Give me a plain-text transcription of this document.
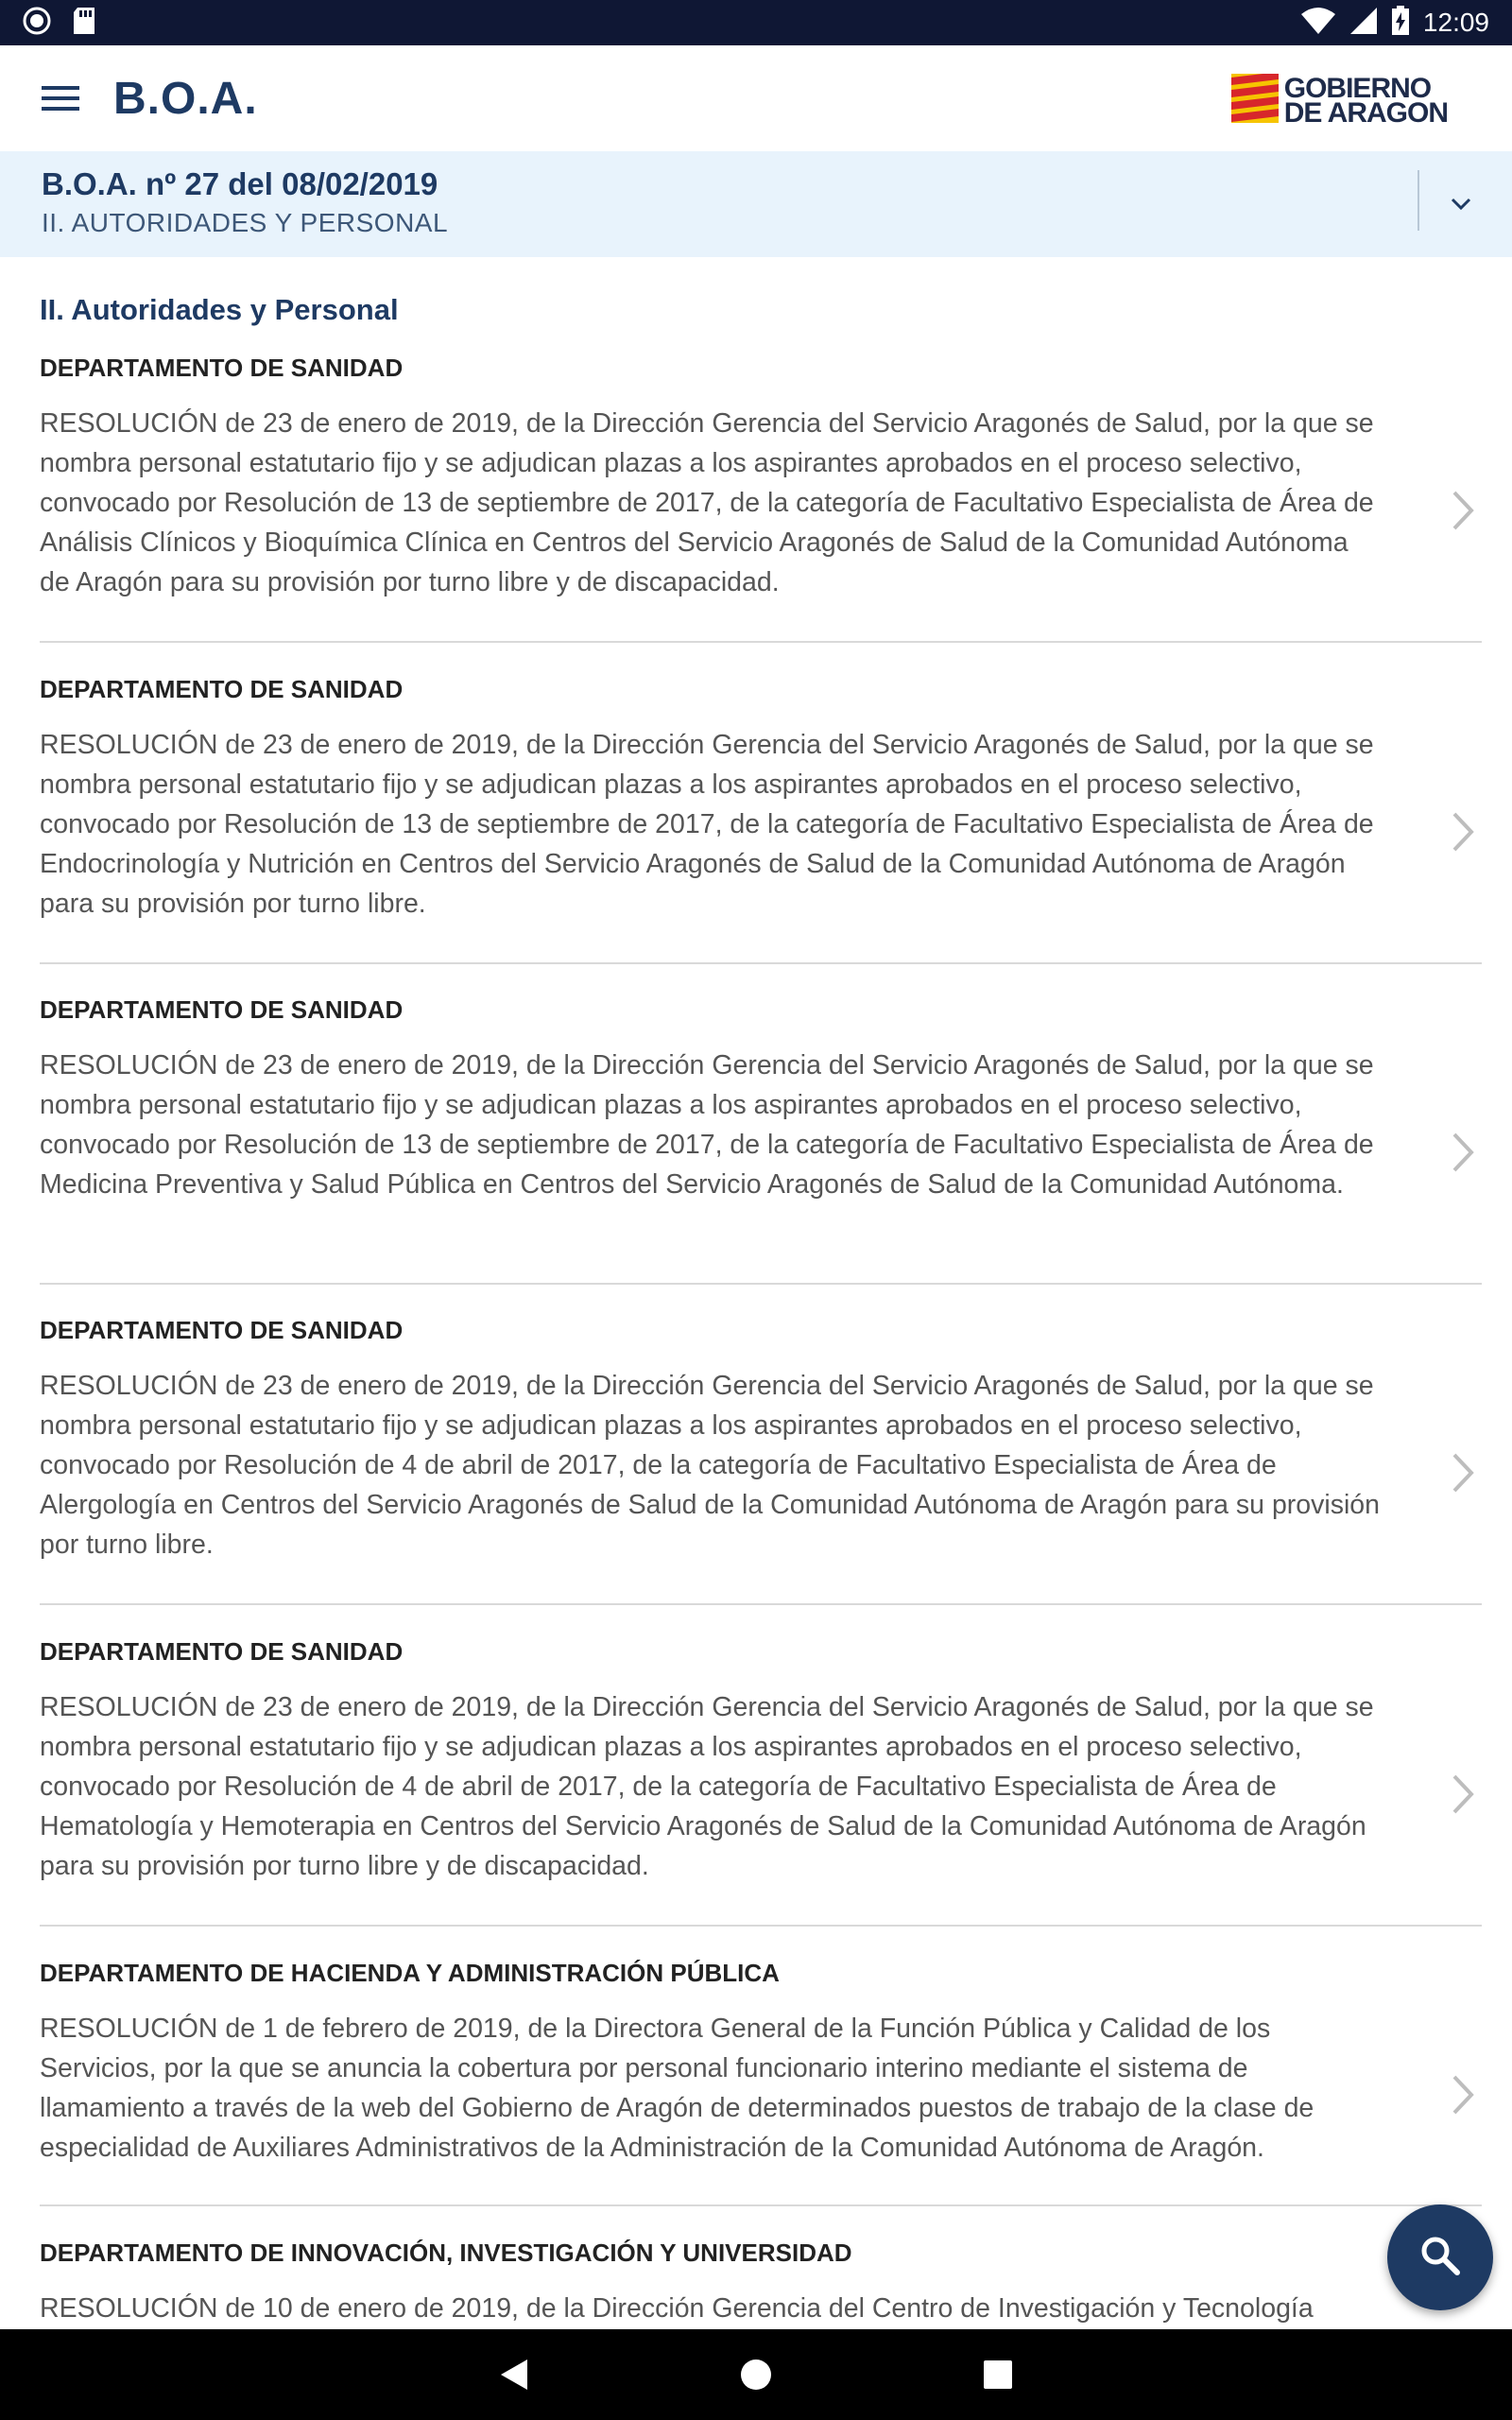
12:09
B.O.A.	GOBIERNO
DE ARAGON
B.O.A. nº 27 del 08/02/2019
II. AUTORIDADES Y PERSONAL
II. Autoridades y Personal
DEPARTAMENTO DE SANIDAD
RESOLUCIÓN de 23 de enero de 2019, de la Dirección Gerencia del Servicio Aragonés de Salud, por la que se nombra personal estatutario fijo y se adjudican plazas a los aspirantes aprobados en el proceso selectivo, convocado por Resolución de 13 de septiembre de 2017, de la categoría de Facultativo Especialista de Área de Análisis Clínicos y Bioquímica Clínica en Centros del Servicio Aragonés de Salud de la Comunidad Autónoma de Aragón para su provisión por turno libre y de discapacidad.
DEPARTAMENTO DE SANIDAD
RESOLUCIÓN de 23 de enero de 2019, de la Dirección Gerencia del Servicio Aragonés de Salud, por la que se nombra personal estatutario fijo y se adjudican plazas a los aspirantes aprobados en el proceso selectivo, convocado por Resolución de 13 de septiembre de 2017, de la categoría de Facultativo Especialista de Área de Endocrinología y Nutrición en Centros del Servicio Aragonés de Salud de la Comunidad Autónoma de Aragón para su provisión por turno libre.
DEPARTAMENTO DE SANIDAD
RESOLUCIÓN de 23 de enero de 2019, de la Dirección Gerencia del Servicio Aragonés de Salud, por la que se nombra personal estatutario fijo y se adjudican plazas a los aspirantes aprobados en el proceso selectivo, convocado por Resolución de 13 de septiembre de 2017, de la categoría de Facultativo Especialista de Área de Medicina Preventiva y Salud Pública en Centros del Servicio Aragonés de Salud de la Comunidad Autónoma.
DEPARTAMENTO DE SANIDAD
RESOLUCIÓN de 23 de enero de 2019, de la Dirección Gerencia del Servicio Aragonés de Salud, por la que se nombra personal estatutario fijo y se adjudican plazas a los aspirantes aprobados en el proceso selectivo, convocado por Resolución de 4 de abril de 2017, de la categoría de Facultativo Especialista de Área de Alergología en Centros del Servicio Aragonés de Salud de la Comunidad Autónoma de Aragón para su provisión por turno libre.
DEPARTAMENTO DE SANIDAD
RESOLUCIÓN de 23 de enero de 2019, de la Dirección Gerencia del Servicio Aragonés de Salud, por la que se nombra personal estatutario fijo y se adjudican plazas a los aspirantes aprobados en el proceso selectivo, convocado por Resolución de 4 de abril de 2017, de la categoría de Facultativo Especialista de Área de Hematología y Hemoterapia en Centros del Servicio Aragonés de Salud de la Comunidad Autónoma de Aragón para su provisión por turno libre y de discapacidad.
DEPARTAMENTO DE HACIENDA Y ADMINISTRACIÓN PÚBLICA
RESOLUCIÓN de 1 de febrero de 2019, de la Directora General de la Función Pública y Calidad de los Servicios, por la que se anuncia la cobertura por personal funcionario interino mediante el sistema de llamamiento a través de la web del Gobierno de Aragón de determinados puestos de trabajo de la clase de especialidad de Auxiliares Administrativos de la Administración de la Comunidad Autónoma de Aragón.
DEPARTAMENTO DE INNOVACIÓN, INVESTIGACIÓN Y UNIVERSIDAD
RESOLUCIÓN de 10 de enero de 2019, de la Dirección Gerencia del Centro de Investigación y Tecnología
